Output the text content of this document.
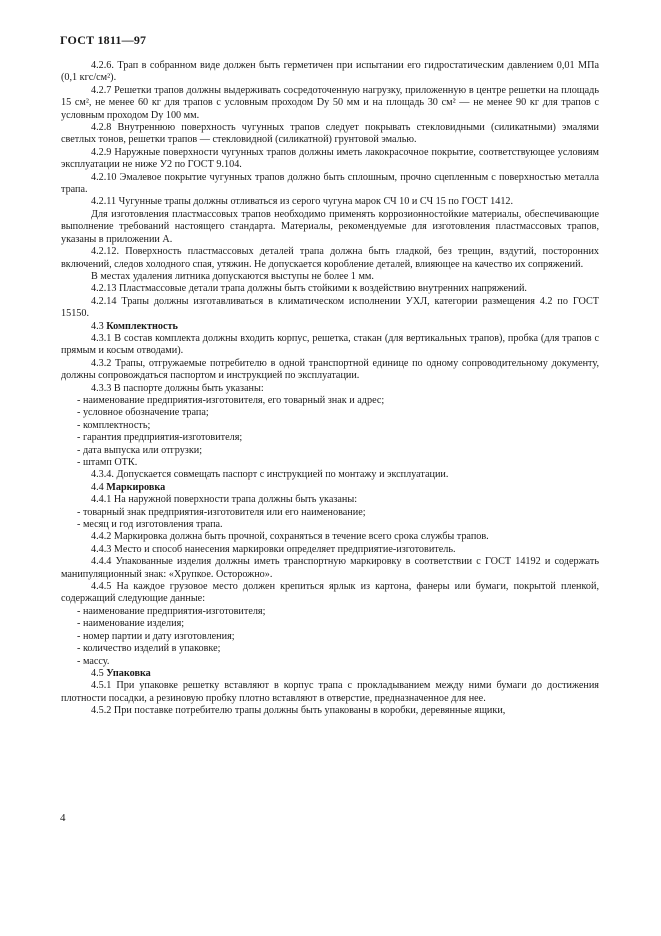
ГОСТ 1811—97

4.2.6. Трап в собранном виде должен быть герметичен при испытании его гидростатическим давлением 0,01 МПа (0,1 кгс/см²).

4.2.7 Решетки трапов должны выдерживать сосредоточенную нагрузку, приложенную в центре решетки на площадь 15 см², не менее 60 кг для трапов с условным проходом Dу 50 мм и на площадь 30 см² — не менее 90 кг для трапов с условным проходом Dу 100 мм.

4.2.8 Внутреннюю поверхность чугунных трапов следует покрывать стекловидными (силикатными) эмалями светлых тонов, решетки трапов — стекловидной (силикатной) грунтовой эмалью.

4.2.9 Наружные поверхности чугунных трапов должны иметь лакокрасочное покрытие, соответствующее условиям эксплуатации не ниже У2 по ГОСТ 9.104.

4.2.10 Эмалевое покрытие чугунных трапов должно быть сплошным, прочно сцепленным с поверхностью металла трапа.

4.2.11 Чугунные трапы должны отливаться из серого чугуна марок СЧ 10 и СЧ 15 по ГОСТ 1412.

Для изготовления пластмассовых трапов необходимо применять коррозионностойкие материалы, обеспечивающие выполнение требований настоящего стандарта. Материалы, рекомендуемые для изготовления пластмассовых трапов, указаны в приложении А.

4.2.12. Поверхность пластмассовых деталей трапа должна быть гладкой, без трещин, вздутий, посторонних включений, следов холодного спая, утяжин. Не допускается коробление деталей, влияющее на качество их сопряжений.

В местах удаления литника допускаются выступы не более 1 мм.

4.2.13 Пластмассовые детали трапа должны быть стойкими к воздействию внутренних напряжений.

4.2.14 Трапы должны изготавливаться в климатическом исполнении УХЛ, категории размещения 4.2 по ГОСТ 15150.

4.3 Комплектность

4.3.1 В состав комплекта должны входить корпус, решетка, стакан (для вертикальных трапов), пробка (для трапов с прямым и косым отводами).

4.3.2 Трапы, отгружаемые потребителю в одной транспортной единице по одному сопроводительному документу, должны сопровождаться паспортом и инструкцией по эксплуатации.

4.3.3 В паспорте должны быть указаны:

- наименование предприятия-изготовителя, его товарный знак и адрес;

- условное обозначение трапа;

- комплектность;

- гарантия предприятия-изготовителя;

- дата выпуска или отгрузки;

- штамп ОТК.

4.3.4. Допускается совмещать паспорт с инструкцией по монтажу и эксплуатации.

4.4 Маркировка

4.4.1 На наружной поверхности трапа должны быть указаны:

- товарный знак предприятия-изготовителя или его наименование;

- месяц и год изготовления трапа.

4.4.2 Маркировка должна быть прочной, сохраняться в течение всего срока службы трапов.

4.4.3 Место и способ нанесения маркировки определяет предприятие-изготовитель.

4.4.4 Упакованные изделия должны иметь транспортную маркировку в соответствии с ГОСТ 14192 и содержать манипуляционный знак: «Хрупкое. Осторожно».

4.4.5 На каждое грузовое место должен крепиться ярлык из картона, фанеры или бумаги, покрытой пленкой, содержащий следующие данные:

- наименование предприятия-изготовителя;

- наименование изделия;

- номер партии и дату изготовления;

- количество изделий в упаковке;

- массу.

4.5 Упаковка

4.5.1 При упаковке решетку вставляют в корпус трапа с прокладыванием между ними бумаги до достижения плотности посадки, а резиновую пробку плотно вставляют в отверстие, предназначенное для нее.

4.5.2 При поставке потребителю трапы должны быть упакованы в коробки, деревянные ящики,

4
